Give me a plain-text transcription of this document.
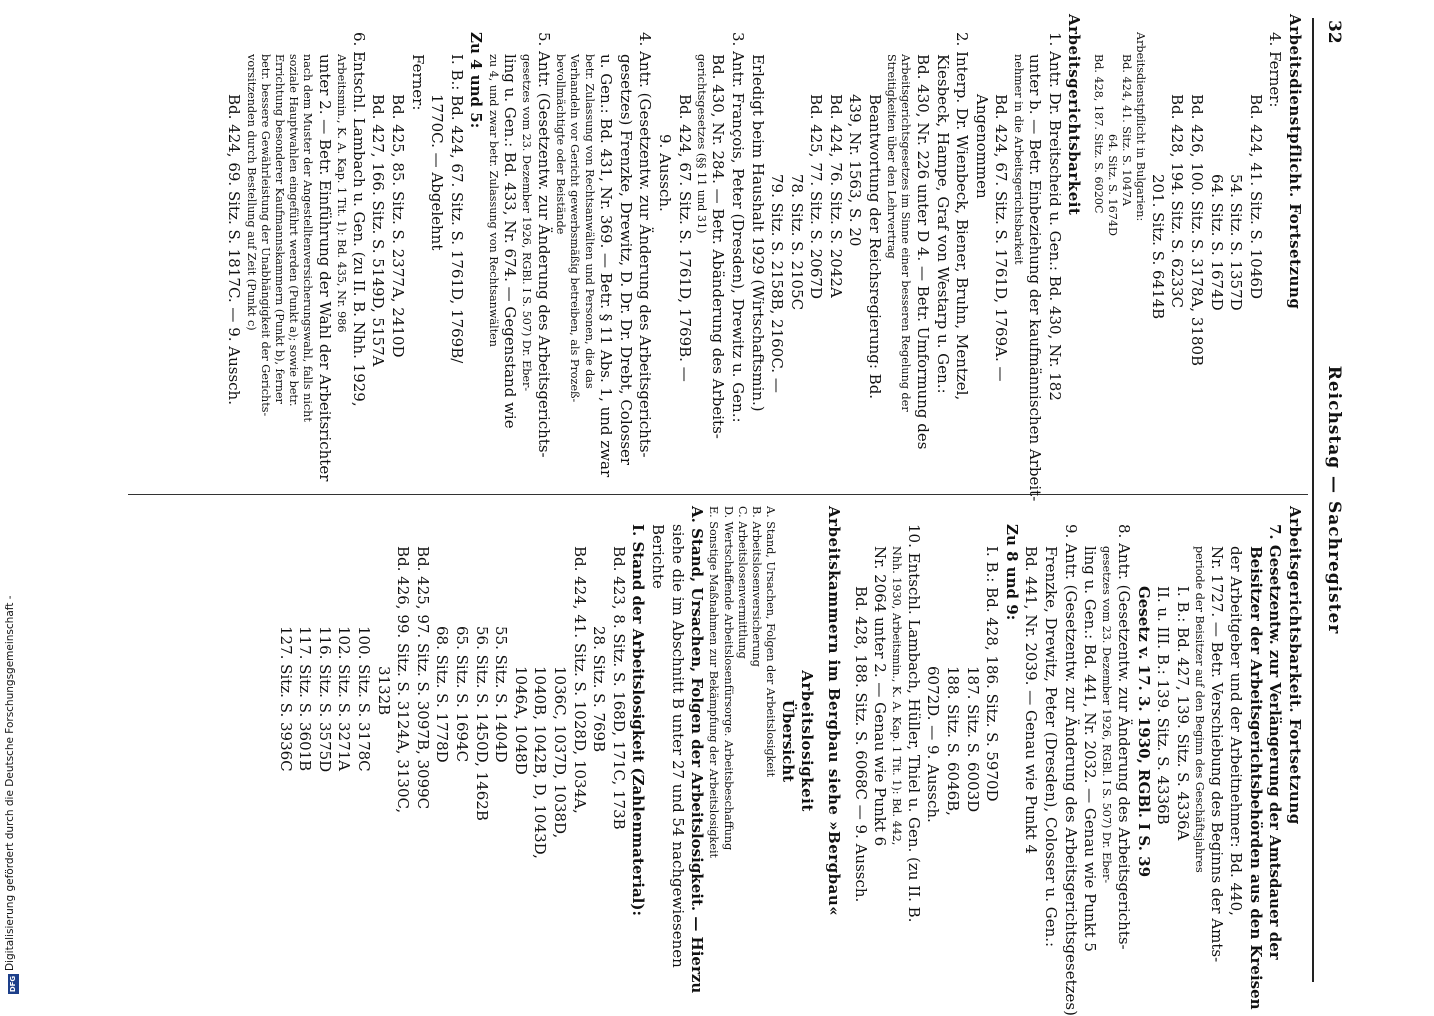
32
Reichstag — Sachregister
Arbeitsdienstpflicht. Fortsetzung
4. Ferner:
Bd. 424, 41. Sitz. S. 1046D
54. Sitz. S. 1357D
64. Sitz. S. 1674D
Bd. 426, 100. Sitz. S. 3178A, 3180B
Bd. 428, 194. Sitz. S. 6233C
201. Sitz. S. 6414B
Arbeitsdienstpflicht in Bulgarien:
Bd. 424, 41. Sitz. S. 1047A
64. Sitz. S. 1674D
Bd. 428, 187. Sitz. S. 6020C
Arbeitsgerichtsbarkeit
1. Antr. Dr. Breitscheid u. Gen.: Bd. 430, Nr. 182
unter b. — Betr. Einbeziehung der kaufmännischen Arbeit-
nehmer in die Arbeitsgerichtsbarkeit
Bd. 424, 67. Sitz. S. 1761D, 1769A. —
Angenommen
2. Interp. Dr. Wienbeck, Biener, Bruhn, Mentzel,
Kiesbeck, Hampe, Graf von Westarp u. Gen.:
Bd. 430, Nr. 226 unter D 4. — Betr. Umformung des
Arbeitsgerichtsgesetzes im Sinne einer besseren Regelung der
Streitigkeiten über den Lehrvertrag
Beantwortung der Reichsregierung: Bd.
439, Nr. 1563, S. 20
Bd. 424, 76. Sitz. S. 2042A
Bd. 425, 77. Sitz. S. 2067D
78. Sitz. S. 2105C
79. Sitz. S. 2158B, 2160C. —
Erledigt beim Haushalt 1929 (Wirtschaftsmin.)
3. Antr. François, Peter (Dresden), Drewitz u. Gen.:
Bd. 430, Nr. 284. — Betr. Abänderung des Arbeits-
gerichtsgesetzes (§§ 11 und 31)
Bd. 424, 67. Sitz. S. 1761D, 1769B. —
9. Aussch.
4. Antr. (Gesetzentw. zur Änderung des Arbeitsgerichts-
gesetzes) Frenzke, Drewitz, D. Dr. Dr. Drebt, Colosser
u. Gen.: Bd. 431, Nr. 369. — Betr. § 11 Abs. 1, und zwar
betr. Zulassung von Rechtsanwälten und Personen, die das
Verhandeln vor Gericht gewerbsmäßig betreiben, als Prozeß-
bevollmächtigte oder Beistände
5. Antr. (Gesetzentw. zur Änderung des Arbeitsgerichts-
gesetzes vom 23. Dezember 1926, RGBl. I S. 507) Dr. Eber-
ling u. Gen.: Bd. 433, Nr. 674. — Gegenstand wie
zu 4, und zwar betr. Zulassung von Rechtsanwälten
Zu 4 und 5:
I. B.: Bd. 424, 67. Sitz. S. 1761D, 1769B/
1770C. — Abgelehnt
Ferner:
Bd. 425, 85. Sitz. S. 2377A, 2410D
Bd. 427, 166. Sitz. S. 5149D, 5157A
6. Entschl. Lambach u. Gen. (zu II. B. Nhh. 1929,
Arbeitsmin., K. A. Kap. 1 Tit. 1): Bd. 435, Nr. 986
unter 2. — Betr. Einführung der Wahl der Arbeitsrichter
nach dem Muster der Angestelltenversicherungswahl, falls nicht
soziale Hauptwahlen eingeführt werden (Punkt a); sowie betr.
Errichtung besonderer Kaufmannskammern (Punkt b), ferner
betr. bessere Gewährleistung der Unabhängigkeit der Gerichts-
vorsitzenden durch Bestellung auf Zeit (Punkt c)
Bd. 424, 69. Sitz. S. 1817C. — 9. Aussch.
Arbeitsgerichtsbarkeit. Fortsetzung
7. Gesetzentw. zur Verlängerung der Amtsdauer der
Beisitzer der Arbeitsgerichtsbehörden aus den Kreisen
der Arbeitgeber und der Arbeitnehmer: Bd. 440,
Nr. 1727. — Betr. Verschiebung des Beginns der Amts-
periode der Beisitzer auf den Beginn des Geschäftsjahres
I. B.: Bd. 427, 139. Sitz. S. 4336A
II. u. III. B.: 139. Sitz. S. 4336B
Gesetz v. 17. 3. 1930, RGBl. I S. 39
8. Antr. (Gesetzentw. zur Änderung des Arbeitsgerichts-
gesetzes vom 23. Dezember 1926, RGBl. I S. 507) Dr. Eber-
ling u. Gen.: Bd. 441, Nr. 2032. — Genau wie Punkt 5
9. Antr. (Gesetzentw. zur Änderung des Arbeitsgerichtsgesetzes)
Frenzke, Drewitz, Peter (Dresden), Colosser u. Gen.:
Bd. 441, Nr. 2039. — Genau wie Punkt 4
Zu 8 und 9:
I. B.: Bd. 428, 186. Sitz. S. 5970D
187. Sitz. S. 6003D
188. Sitz. S. 6046B,
6072D. — 9. Aussch.
10. Entschl. Lambach, Hüller, Thiel u. Gen. (zu II. B.
Nhh. 1930, Arbeitsmin., K. A. Kap. 1 Tit. 1): Bd. 442,
Nr. 2064 unter 2. — Genau wie Punkt 6
Bd. 428, 188. Sitz. S. 6068C — 9. Aussch.
Arbeitskammern im Bergbau siehe »Bergbau«
Arbeitslosigkeit
Übersicht
A. Stand, Ursachen, Folgen der Arbeitslosigkeit
B. Arbeitslosenversicherung
C. Arbeitslosenvermittlung
D. Wertschaffende Arbeitslosenfürsorge. Arbeitsbeschaffung
E. Sonstige Maßnahmen zur Bekämpfung der Arbeitslosigkeit
A. Stand, Ursachen, Folgen der Arbeitslosigkeit. — Hierzu
siehe die im Abschnitt B unter 27 und 54 nachgewiesenen
Berichte
I. Stand der Arbeitslosigkeit (Zahlenmaterial):
Bd. 423, 8. Sitz. S. 168D, 171C, 173B
28. Sitz. S. 769B
Bd. 424, 41. Sitz. S. 1028D, 1034A,
1036C, 1037D, 1038D,
1040B, 1042B, D, 1043D,
1046A, 1048D
55. Sitz. S. 1404D
56. Sitz. S. 1450D, 1462B
65. Sitz. S. 1694C
68. Sitz. S. 1778D
Bd. 425, 97. Sitz. S. 3097B, 3099C
Bd. 426, 99. Sitz. S. 3124A, 3130C,
3132B
100. Sitz. S. 3178C
102. Sitz. S. 3271A
116. Sitz. S. 3575D
117. Sitz. S. 3601B
127. Sitz. S. 3936C
DFGDigitalisierung gefördert durch die Deutsche Forschungsgemeinschaft -
